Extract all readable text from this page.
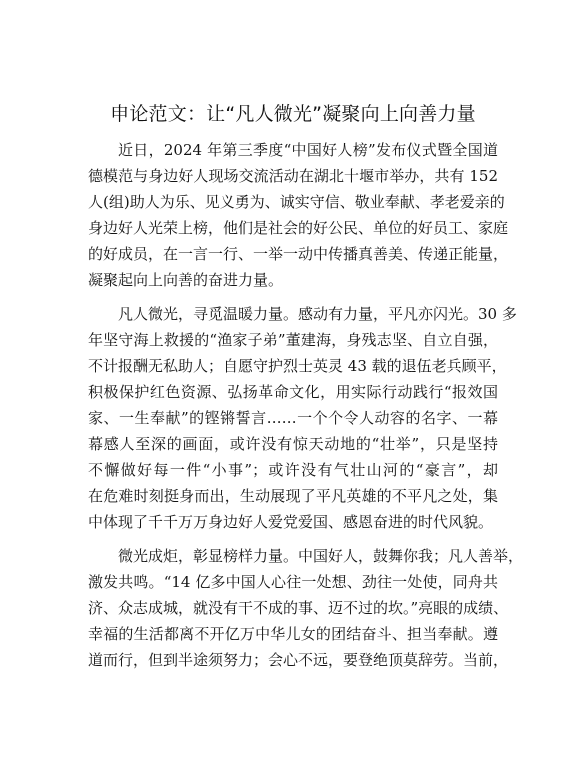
申论范文：让“凡人微光”凝聚向上向善力量
近日，2024 年第三季度“中国好人榜”发布仪式暨全国道
德模范与身边好人现场交流活动在湖北十堰市举办，共有 152
人(组)助人为乐、见义勇为、诚实守信、敬业奉献、孝老爱亲的
身边好人光荣上榜，他们是社会的好公民、单位的好员工、家庭
的好成员，在一言一行、一举一动中传播真善美、传递正能量，
凝聚起向上向善的奋进力量。
凡人微光，寻觅温暖力量。感动有力量，平凡亦闪光。30 多
年坚守海上救援的“渔家子弟”董建海，身残志坚、自立自强，
不计报酬无私助人；自愿守护烈士英灵 43 载的退伍老兵顾平，
积极保护红色资源、弘扬革命文化，用实际行动践行“报效国
家、一生奉献”的铿锵誓言……一个个令人动容的名字、一幕
幕感人至深的画面，或许没有惊天动地的“壮举”，只是坚持
不懈做好每一件“小事”；或许没有气壮山河的“豪言”，却
在危难时刻挺身而出，生动展现了平凡英雄的不平凡之处，集
中体现了千千万万身边好人爱党爱国、感恩奋进的时代风貌。
微光成炬，彰显榜样力量。中国好人，鼓舞你我；凡人善举，
激发共鸣。“14 亿多中国人心往一处想、劲往一处使，同舟共
济、众志成城，就没有干不成的事、迈不过的坎。”亮眼的成绩、
幸福的生活都离不开亿万中华儿女的团结奋斗、担当奉献。遵
道而行，但到半途须努力；会心不远，要登绝顶莫辞劳。当前，
